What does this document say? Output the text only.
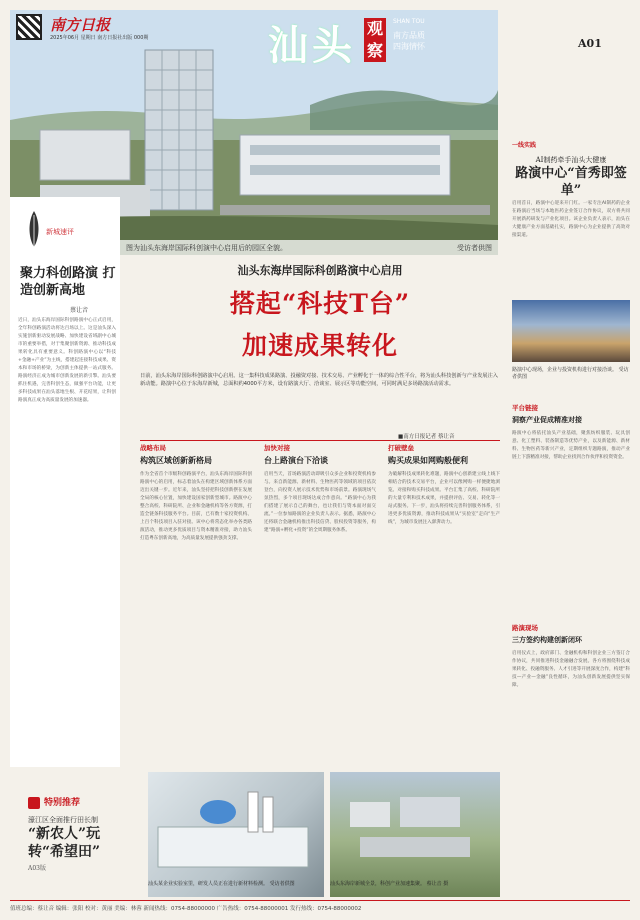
南方日报
2025年06月 星期日 南方日报社出版 000期	汕头 观察
SHAN TOU
南方品质
四海情怀	A01
图为汕头东海岸国际科创演中心启用后的园区全貌。	受访者供图
新城速评
聚力科创路演 打造创新高地
蔡让音
近日，汕头东海岸国际科创路演中心正式启用，全年科创路演活动将达百场以上。这是汕头深入实施创新驱动发展战略、加快建设省域副中心城市的重要举措，对于集聚创新资源、推动科技成果转化具有重要意义。科创路演中心以“科技+金融+产业”为主线，搭建起连接科技成果、资本和市场的桥梁，为创新主体提供一站式服务。路演经济正成为城市创新发展的新引擎。汕头要抓住机遇，完善科创生态，做强平台功能，让更多科技成果在汕头落地生根、开花结果，让科创路演真正成为高质量发展的加速器。
特别推荐
濠江区全面推行田长制
“新农人”玩转“希望田”
A03版
汕头东海岸国际科创路演中心启用
搭起“科技T台”
加速成果转化
日前，汕头东海岸国际科创路演中心启用。这一集科技成果路演、投融资对接、技术交易、产业孵化于一体的综合性平台，将为汕头科技创新与产业发展注入新动能。路演中心位于东海岸新城，总面积约4000平方米，设有路演大厅、洽谈室、展示区等功能空间，可同时满足多场路演活动需求。
■南方日报记者 蔡让音
战略布局
构筑区域创新新格局
作为全省首个市级科创路演平台，汕头东海岸国际科创路演中心的启用，标志着汕头在构建区域创新体系方面迈出关键一步。近年来，汕头坚持把科技创新摆在发展全局的核心位置，加快建设国家创新型城市。路演中心整合高校、科研院所、企业和金融机构等各方资源，打造全链条科技服务平台。目前，已有数十家投资机构、上百个科技项目入驻对接。该中心将常态化举办各类路演活动，推动更多优质项目与资本精准对接，助力汕头打造粤东创新高地，为高质量发展提供强劲支撑。
加快对接
台上路演台下洽谈
启用当天，首场路演活动即吸引众多企业和投资机构参与。来自新能源、新材料、生物医药等领域的项目依次登台，向投资人展示技术优势和市场前景。路演现场气氛热烈，多个项目现场达成合作意向。“路演中心为我们搭建了展示自己的舞台，也让我们与资本面对面交流。”一位参加路演的企业负责人表示。据悉，路演中心还将联合金融机构推出科技信贷、股权投资等服务，构建“路演+孵化+投资”的全周期服务体系。
打破壁垒
购买成果如网购般便利
为破解科技成果转化难题，路演中心创新建立线上线下相结合的技术交易平台，企业可以像网购一样便捷地浏览、对接和购买科技成果。平台汇集了高校、科研院所的大量专利和技术成果，并提供评估、交易、转化等一站式服务。下一步，汕头将持续完善科创服务体系，引进更多优质资源，推动科技成果从“实验室”走向“生产线”，为城市发展注入澎湃动力。
汕头某企业实验室里，研发人员正在进行新材料检测。 受访者供图	汕头东海岸新城全景，科创产业加速集聚。 蔡让音 摄
一线实践
AI制药牵手汕头大健康
路演中心“首秀即签单”
启用首日，路演中心迎来开门红。一家专注AI制药的企业在路演后当场与本地医药企业签订合作协议，双方将共同开展新药研发与产业化项目。该企业负责人表示，汕头在大健康产业方面基础扎实，路演中心为企业提供了高效对接渠道。
路演中心现场，企业与投资机构进行对接洽谈。 受访者供图
平台链接
洞察产业促成精准对接
路演中心将依托汕头产业基础，聚焦纺织服装、玩具创意、化工塑料、装备制造等优势产业，以及新能源、新材料、生物医药等新兴产业，定期组织专题路演，推动产业链上下游精准对接，帮助企业找到合作伙伴和投资资金。
路演现场
三方签约构建创新闭环
启用仪式上，政府部门、金融机构和科创企业三方签订合作协议，共同推进科技金融融合发展。各方将围绕科技成果转化、投融资服务、人才引进等开展深度合作，构建“科技—产业—金融”良性循环，为汕头创新发展提供坚实保障。
值班总编：蔡让音 编辑：张阳 校对：黄丽 美编：林蓉 新闻热线：0754-88000000 广告热线：0754-88000001 发行热线：0754-88000002
